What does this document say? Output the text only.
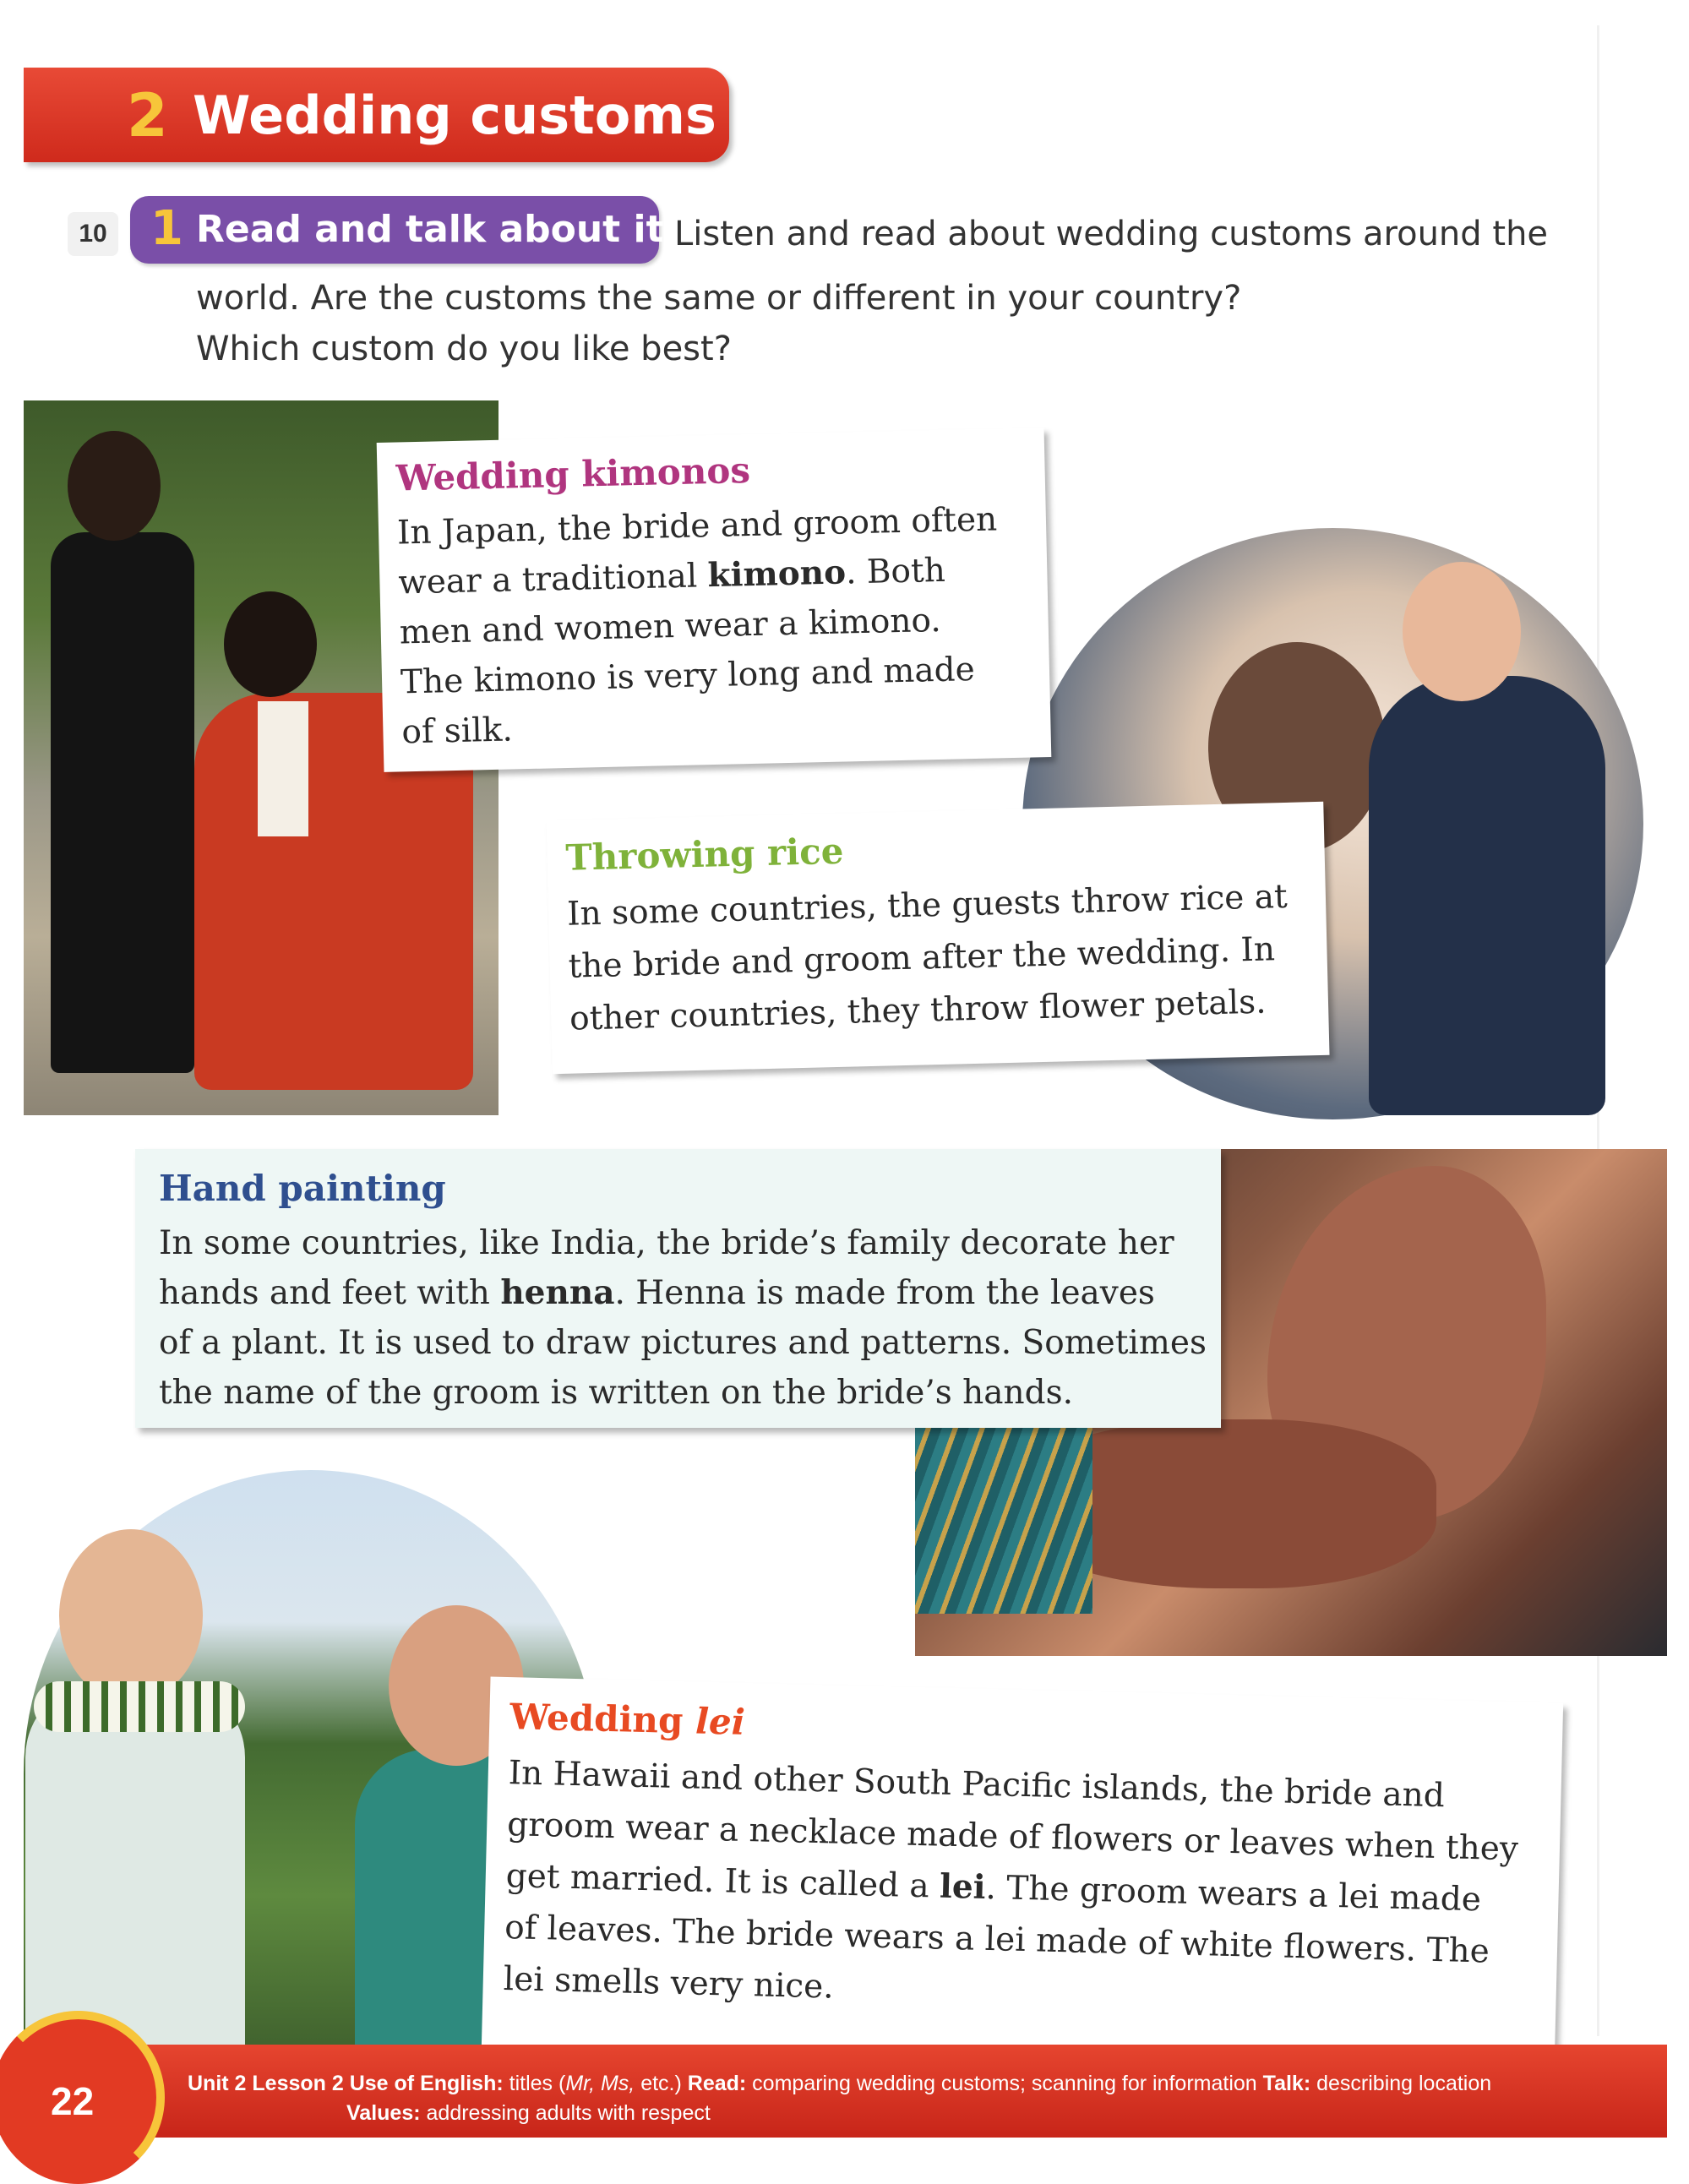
2 Wedding customs
10 1 Read and talk about it Listen and read about wedding customs around the
world. Are the customs the same or different in your country?
Which custom do you like best?
Wedding kimonos
In Japan, the bride and groom often
wear a traditional kimono. Both
men and women wear a kimono.
The kimono is very long and made
of silk.
Throwing rice
In some countries, the guests throw rice at
the bride and groom after the wedding. In
other countries, they throw flower petals.
Hand painting
In some countries, like India, the bride’s family decorate her
hands and feet with henna. Henna is made from the leaves
of a plant. It is used to draw pictures and patterns. Sometimes
the name of the groom is written on the bride’s hands.
Wedding lei
In Hawaii and other South Pacific islands, the bride and
groom wear a necklace made of flowers or leaves when they
get married. It is called a lei. The groom wears a lei made
of leaves. The bride wears a lei made of white flowers. The
lei smells very nice.
22	Unit 2 Lesson 2 Use of English: titles (Mr, Ms, etc.) Read: comparing wedding customs; scanning for information Talk: describing location
Values: addressing adults with respect
